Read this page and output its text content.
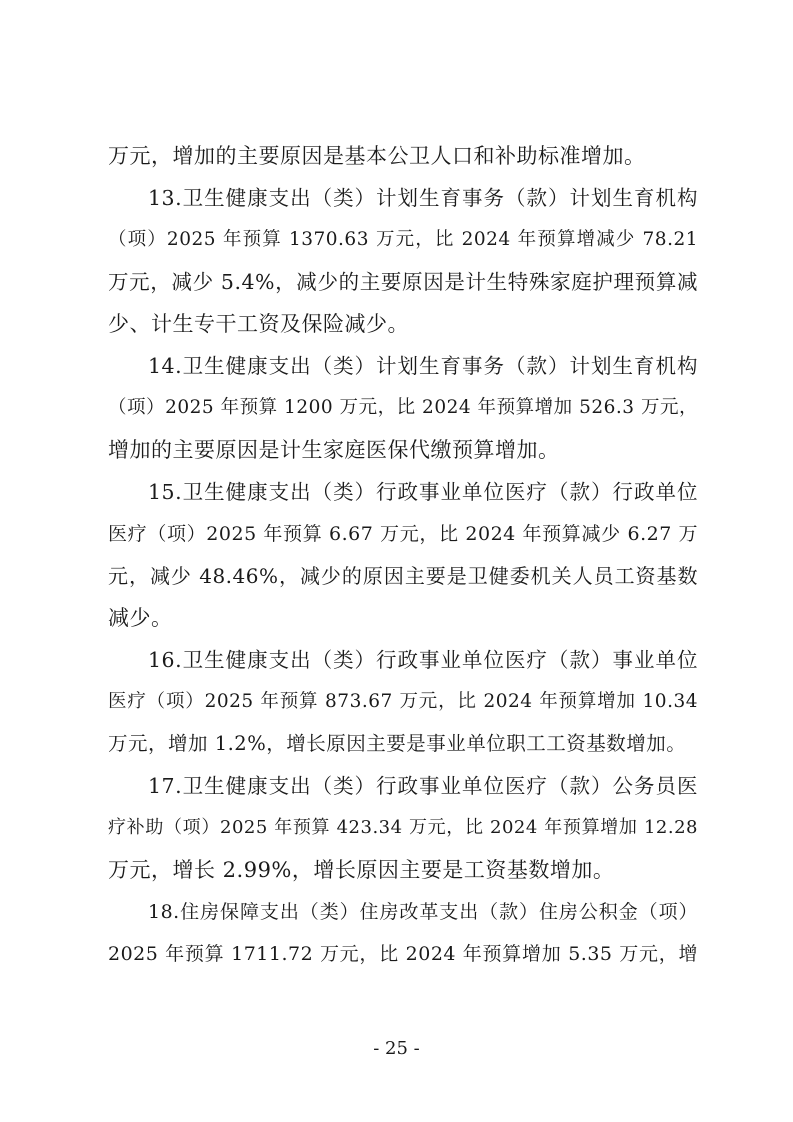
万元，增加的主要原因是基本公卫人口和补助标准增加。
13.卫生健康支出（类）计划生育事务（款）计划生育机构
（项）2025 年预算 1370.63 万元，比 2024 年预算增减少 78.21
万元，减少 5.4%，减少的主要原因是计生特殊家庭护理预算减
少、计生专干工资及保险减少。
14.卫生健康支出（类）计划生育事务（款）计划生育机构
（项）2025 年预算 1200 万元，比 2024 年预算增加 526.3 万元，
增加的主要原因是计生家庭医保代缴预算增加。
15.卫生健康支出（类）行政事业单位医疗（款）行政单位
医疗（项）2025 年预算 6.67 万元，比 2024 年预算减少 6.27 万
元，减少 48.46%，减少的原因主要是卫健委机关人员工资基数
减少。
16.卫生健康支出（类）行政事业单位医疗（款）事业单位
医疗（项）2025 年预算 873.67 万元，比 2024 年预算增加 10.34
万元，增加 1.2%，增长原因主要是事业单位职工工资基数增加。
17.卫生健康支出（类）行政事业单位医疗（款）公务员医
疗补助（项）2025 年预算 423.34 万元，比 2024 年预算增加 12.28
万元，增长 2.99%，增长原因主要是工资基数增加。
18.住房保障支出（类）住房改革支出（款）住房公积金（项）
2025 年预算 1711.72 万元，比 2024 年预算增加 5.35 万元，增
- 25 -
